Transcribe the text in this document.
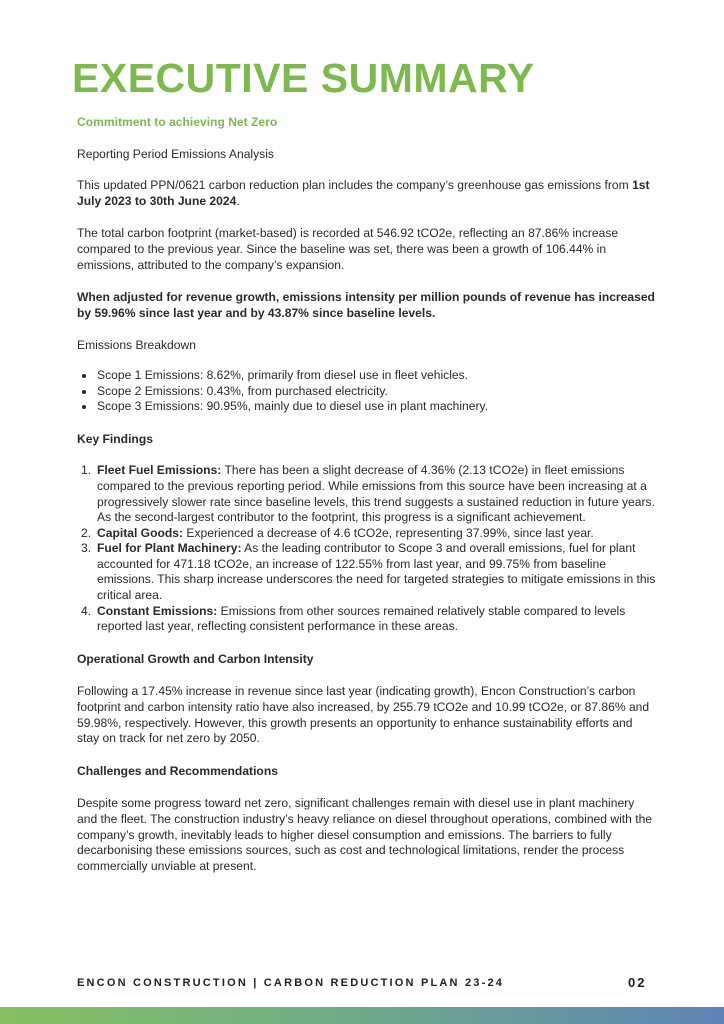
EXECUTIVE SUMMARY

Commitment to achieving Net Zero

Reporting Period Emissions Analysis

This updated PPN/0621 carbon reduction plan includes the company’s greenhouse gas emissions from 1st July 2023 to 30th June 2024.

The total carbon footprint (market-based) is recorded at 546.92 tCO2e, reflecting an 87.86% increase compared to the previous year. Since the baseline was set, there was been a growth of 106.44% in emissions, attributed to the company’s expansion.

When adjusted for revenue growth, emissions intensity per million pounds of revenue has increased by 59.96% since last year and by 43.87% since baseline levels.

Emissions Breakdown

Scope 1 Emissions: 8.62%, primarily from diesel use in fleet vehicles.
Scope 2 Emissions: 0.43%, from purchased electricity.
Scope 3 Emissions: 90.95%, mainly due to diesel use in plant machinery.

Key Findings

1. Fleet Fuel Emissions: There has been a slight decrease of 4.36% (2.13 tCO2e) in fleet emissions compared to the previous reporting period. While emissions from this source have been increasing at a progressively slower rate since baseline levels, this trend suggests a sustained reduction in future years. As the second-largest contributor to the footprint, this progress is a significant achievement.
2. Capital Goods: Experienced a decrease of 4.6 tCO2e, representing 37.99%, since last year.
3. Fuel for Plant Machinery: As the leading contributor to Scope 3 and overall emissions, fuel for plant accounted for 471.18 tCO2e, an increase of 122.55% from last year, and 99.75% from baseline emissions. This sharp increase underscores the need for targeted strategies to mitigate emissions in this critical area.
4. Constant Emissions: Emissions from other sources remained relatively stable compared to levels reported last year, reflecting consistent performance in these areas.

Operational Growth and Carbon Intensity

Following a 17.45% increase in revenue since last year (indicating growth), Encon Construction’s carbon footprint and carbon intensity ratio have also increased, by 255.79 tCO2e and 10.99 tCO2e, or 87.86% and 59.98%, respectively. However, this growth presents an opportunity to enhance sustainability efforts and stay on track for net zero by 2050.

Challenges and Recommendations

Despite some progress toward net zero, significant challenges remain with diesel use in plant machinery and the fleet. The construction industry’s heavy reliance on diesel throughout operations, combined with the company’s growth, inevitably leads to higher diesel consumption and emissions. The barriers to fully decarbonising these emissions sources, such as cost and technological limitations, render the process commercially unviable at present.

ENCON CONSTRUCTION | CARBON REDUCTION PLAN 23-24	02
